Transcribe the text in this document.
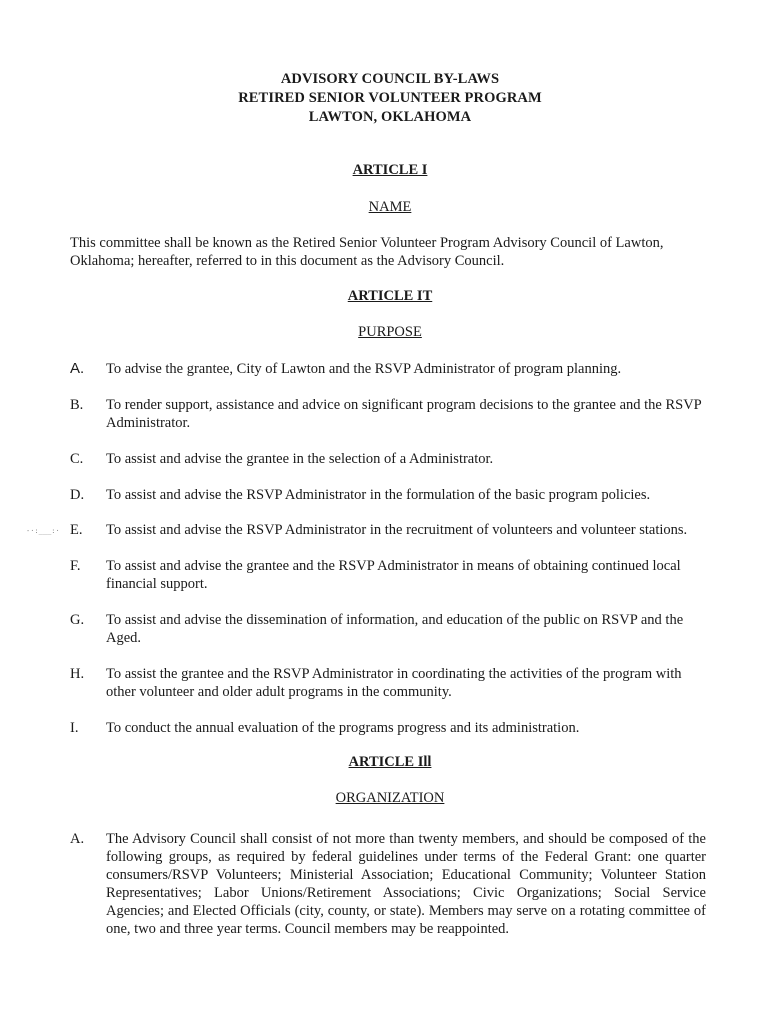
ADVISORY COUNCIL BY-LAWS
RETIRED SENIOR VOLUNTEER PROGRAM
LAWTON, OKLAHOMA
ARTICLE I
NAME
This committee shall be known as the Retired Senior Volunteer Program Advisory Council of Lawton, Oklahoma; hereafter, referred to in this document as the Advisory Council.
ARTICLE IT
PURPOSE
A.	To advise the grantee, City of Lawton and the RSVP Administrator of program planning.
B.	To render support, assistance and advice on significant program decisions to the grantee and the RSVP Administrator.
C.	To assist and advise the grantee in the selection of a Administrator.
D.	To assist and advise the RSVP Administrator in the formulation of the basic program policies.
-·:___:· E.	To assist and advise the RSVP Administrator in the recruitment of volunteers and volunteer stations.
F.	To assist and advise the grantee and the RSVP Administrator in means of obtaining continued local financial support.
G.	To assist and advise the dissemination of information, and education of the public on RSVP and the Aged.
H.	To assist the grantee and the RSVP Administrator in coordinating the activities of the program with other volunteer and older adult programs in the community.
I.	To conduct the annual evaluation of the programs progress and its administration.
ARTICLE Ill
ORGANIZATION
A.	The Advisory Council shall consist of not more than twenty members, and should be composed of the following groups, as required by federal guidelines under terms of the Federal Grant: one quarter consumers/RSVP Volunteers; Ministerial Association; Educational Community; Volunteer Station Representatives; Labor Unions/Retirement Associations; Civic Organizations; Social Service Agencies; and Elected Officials (city, county, or state). Members may serve on a rotating committee of one, two and three year terms. Council members may be reappointed.
